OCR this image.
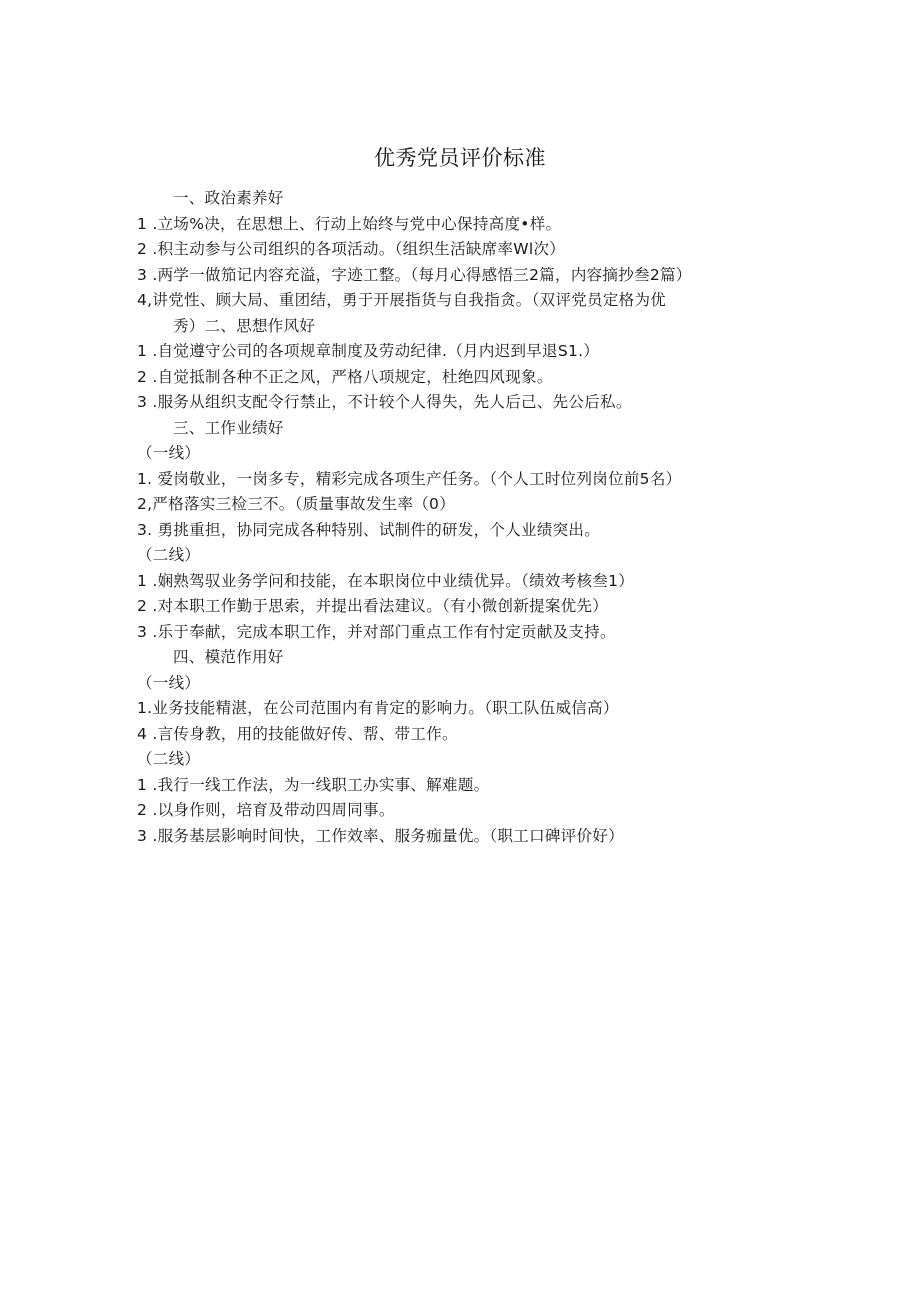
优秀党员评价标准
一、政治素养好
1 .立场%决，在思想上、行动上始终与党中心保持高度•样。
2 .积主动参与公司组织的各项活动。（组织生活缺席率Wl次）
3 .两学一做笳记内容充溢，字迹工整。（每月心得感悟三2篇，内容摘抄叁2篇）
4,讲党性、顾大局、重团结，勇于开展指货与自我指贪。（双评党员定格为优
秀）二、思想作风好
1 .自觉遵守公司的各项规章制度及劳动纪律.（月内迟到早退S1.）
2 .自觉抵制各种不正之风，严格八项规定，杜绝四风现象。
3 .服务从组织支配令行禁止，不计较个人得失，先人后己、先公后私。
三、工作业绩好
（一线）
1. 爱岗敬业，一岗多专，精彩完成各项生产任务。（个人工时位列岗位前5名）
2,严格落实三检三不。（质量事故发生率（0）
3. 勇挑重担，协同完成各种特别、试制件的研发，个人业绩突出。
（二线）
1 .娴熟驾驭业务学问和技能，在本职岗位中业绩优异。（绩效考核叁1）
2 .对本职工作勤于思索，并提出看法建议。（有小微创新提案优先）
3 .乐于奉献，完成本职工作，并对部门重点工作有忖定贡献及支持。
四、模范作用好
（一线）
1.业务技能精湛，在公司范围内有肯定的影响力。（职工队伍威信高）
4 .言传身教，用的技能做好传、帮、带工作。
（二线）
1 .我行一线工作法，为一线职工办实事、解难题。
2 .以身作则，培育及带动四周同事。
3 .服务基层影响时间快，工作效率、服务痂量优。（职工口碑评价好）
